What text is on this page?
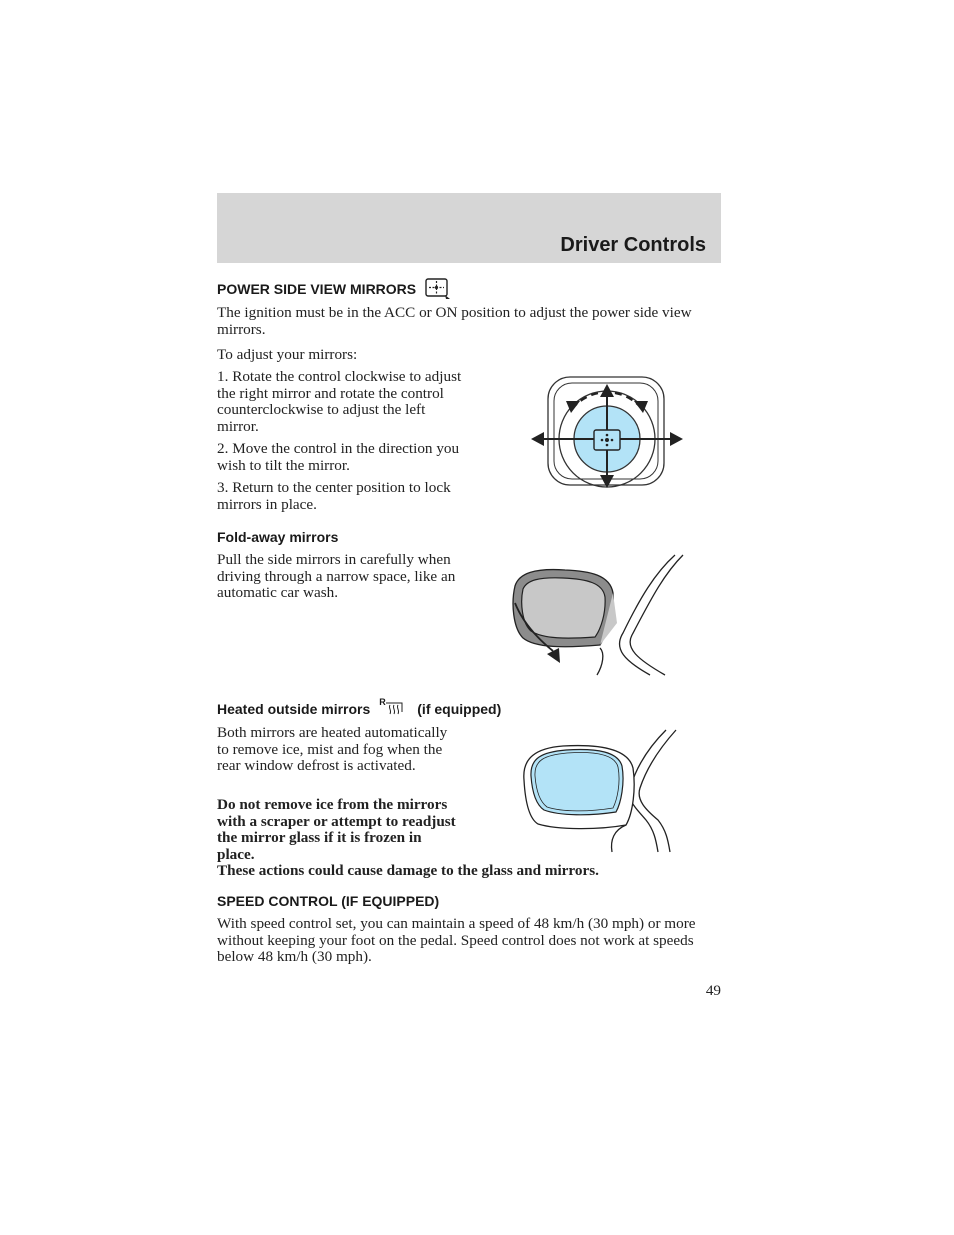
Driver Controls
POWER SIDE VIEW MIRRORS

The ignition must be in the ACC or ON position to adjust the power side view mirrors.

To adjust your mirrors:

1. Rotate the control clockwise to adjust the right mirror and rotate the control counterclockwise to adjust the left mirror.

2. Move the control in the direction you wish to tilt the mirror.

3. Return to the center position to lock mirrors in place.

Fold-away mirrors

Pull the side mirrors in carefully when driving through a narrow space, like an automatic car wash.

Heated outside mirrors R (if equipped)

Both mirrors are heated automatically to remove ice, mist and fog when the rear window defrost is activated.

Do not remove ice from the mirrors with a scraper or attempt to readjust the mirror glass if it is frozen in place.

These actions could cause damage to the glass and mirrors.

SPEED CONTROL (IF EQUIPPED)

With speed control set, you can maintain a speed of 48 km/h (30 mph) or more without keeping your foot on the pedal. Speed control does not work at speeds below 48 km/h (30 mph).

49
